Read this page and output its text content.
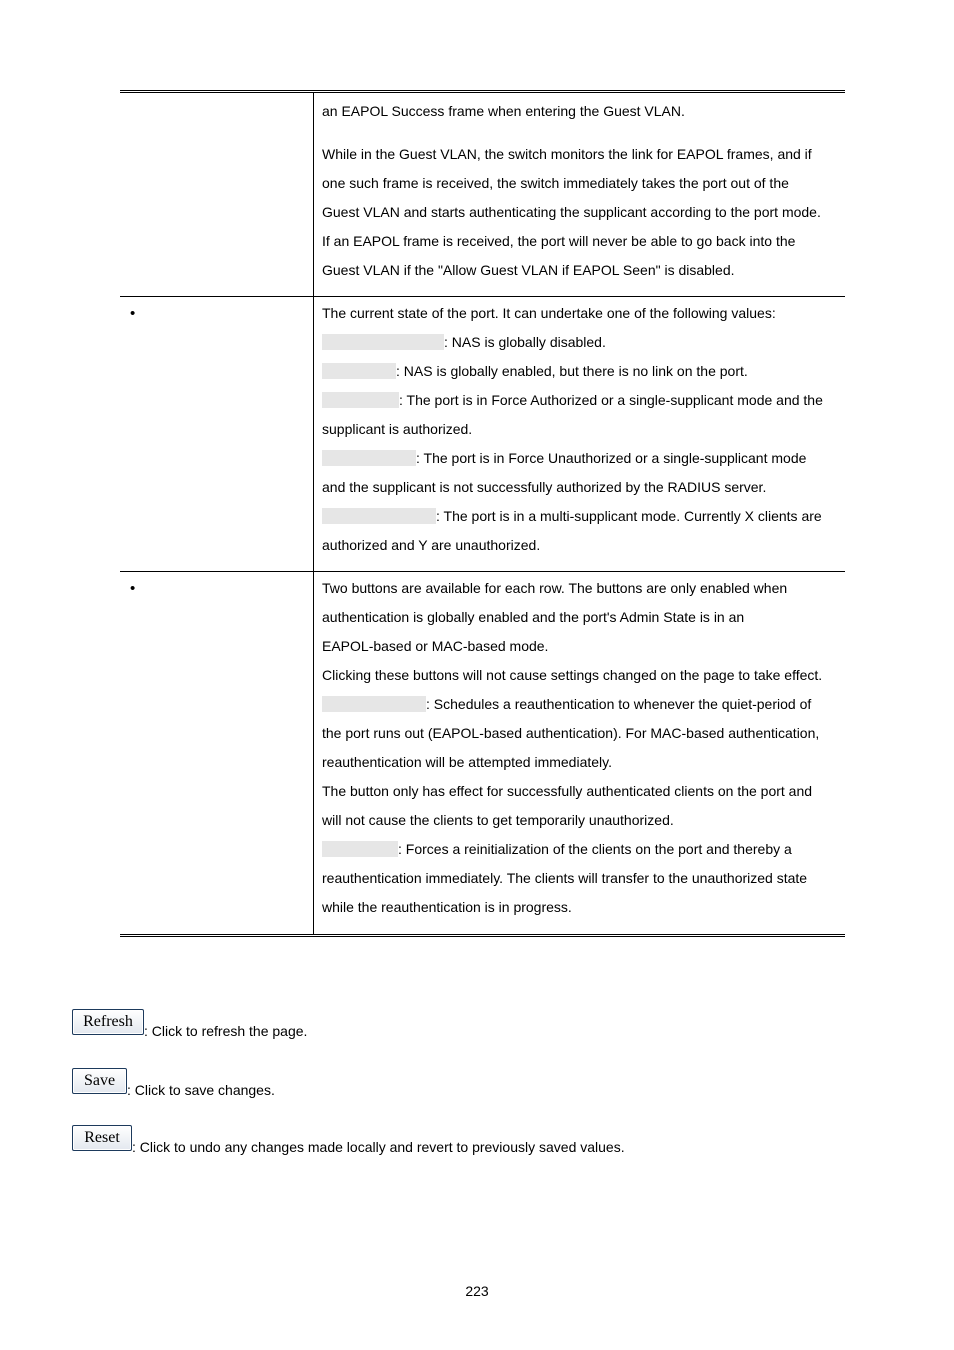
an EAPOL Success frame when entering the Guest VLAN.

While in the Guest VLAN, the switch monitors the link for EAPOL frames, and if

one such frame is received, the switch immediately takes the port out of the

Guest VLAN and starts authenticating the supplicant according to the port mode.

If an EAPOL frame is received, the port will never be able to go back into the

Guest VLAN if the "Allow Guest VLAN if EAPOL Seen" is disabled.

•	The current state of the port. It can undertake one of the following values:

: NAS is globally disabled.

: NAS is globally enabled, but there is no link on the port.

: The port is in Force Authorized or a single-supplicant mode and the

supplicant is authorized.

: The port is in Force Unauthorized or a single-supplicant mode

and the supplicant is not successfully authorized by the RADIUS server.

: The port is in a multi-supplicant mode. Currently X clients are

authorized and Y are unauthorized.

•	Two buttons are available for each row. The buttons are only enabled when

authentication is globally enabled and the port's Admin State is in an

EAPOL-based or MAC-based mode.

Clicking these buttons will not cause settings changed on the page to take effect.

: Schedules a reauthentication to whenever the quiet-period of

the port runs out (EAPOL-based authentication). For MAC-based authentication,

reauthentication will be attempted immediately.

The button only has effect for successfully authenticated clients on the port and

will not cause the clients to get temporarily unauthorized.

: Forces a reinitialization of the clients on the port and thereby a

reauthentication immediately. The clients will transfer to the unauthorized state

while the reauthentication is in progress.

Refresh: Click to refresh the page.
Save: Click to save changes.
Reset: Click to undo any changes made locally and revert to previously saved values.
223
